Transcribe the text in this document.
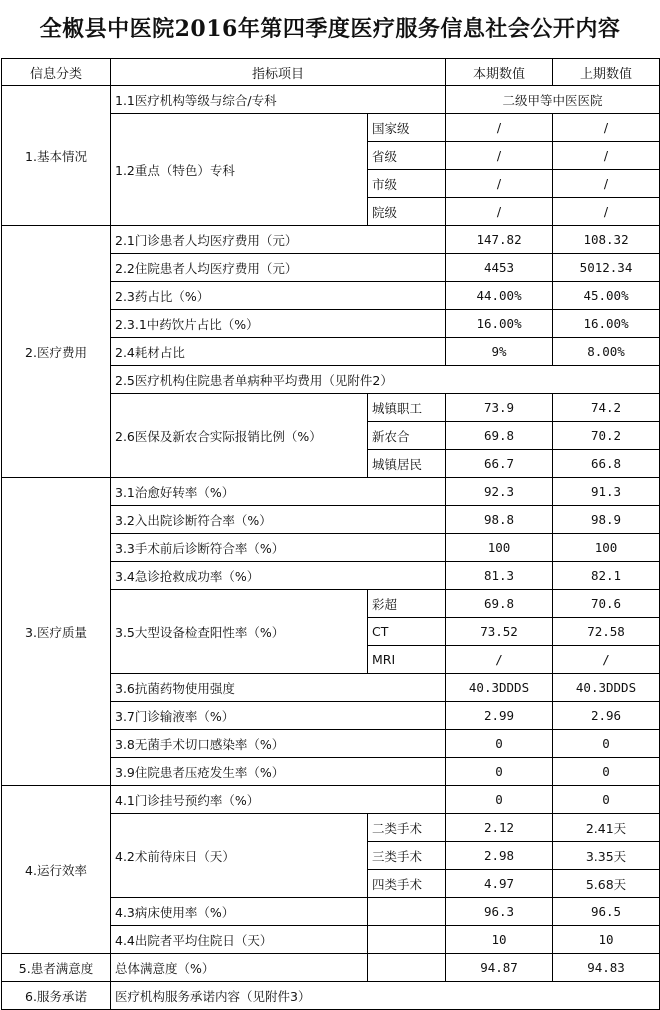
全椒县中医院2016年第四季度医疗服务信息社会公开内容
信息分类	指标项目		本期数值	上期数值
1.基本情况	1.1医疗机构等级与综合/专科		二级甲等中医医院	
	1.2重点（特色）专科	国家级	/	/
		省级	/	/
		市级	/	/
		院级	/	/
2.医疗费用	2.1门诊患者人均医疗费用（元）		147.82	108.32
	2.2住院患者人均医疗费用（元）		4453	5012.34
	2.3药占比（%）		44.00%	45.00%
	2.3.1中药饮片占比（%）		16.00%	16.00%
	2.4耗材占比		9%	8.00%
	2.5医疗机构住院患者单病种平均费用（见附件2）			
	2.6医保及新农合实际报销比例（%）	城镇职工	73.9	74.2
		新农合	69.8	70.2
		城镇居民	66.7	66.8
3.医疗质量	3.1治愈好转率（%）		92.3	91.3
	3.2入出院诊断符合率（%）		98.8	98.9
	3.3手术前后诊断符合率（%）		100	100
	3.4急诊抢救成功率（%）		81.3	82.1
	3.5大型设备检查阳性率（%）	彩超	69.8	70.6
		CT	73.52	72.58
		MRI	/	/
	3.6抗菌药物使用强度		40.3DDDS	40.3DDDS
	3.7门诊输液率（%）		2.99	2.96
	3.8无菌手术切口感染率（%）		0	0
	3.9住院患者压疮发生率（%）		0	0
4.运行效率	4.1门诊挂号预约率（%）		0	0
	4.2术前待床日（天）	二类手术	2.12	2.41天
		三类手术	2.98	3.35天
		四类手术	4.97	5.68天
	4.3病床使用率（%）		96.3	96.5
	4.4出院者平均住院日（天）		10	10
5.患者满意度	总体满意度（%）		94.87	94.83
6.服务承诺	医疗机构服务承诺内容（见附件3）			
